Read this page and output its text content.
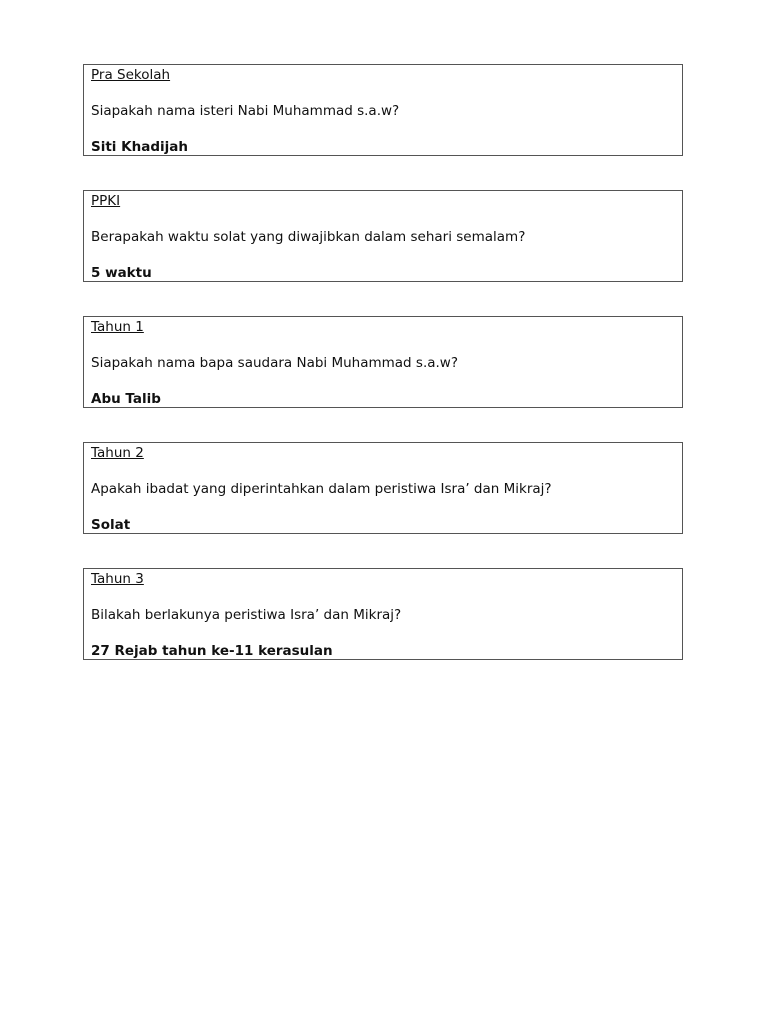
Pra Sekolah
Siapakah nama isteri Nabi Muhammad s.a.w?
Siti Khadijah
PPKI
Berapakah waktu solat yang diwajibkan dalam sehari semalam?
5 waktu
Tahun 1
Siapakah nama bapa saudara Nabi Muhammad s.a.w?
Abu Talib
Tahun 2
Apakah ibadat yang diperintahkan dalam peristiwa Isra’ dan Mikraj?
Solat
Tahun 3
Bilakah berlakunya peristiwa Isra’ dan Mikraj?
27 Rejab tahun ke-11 kerasulan
